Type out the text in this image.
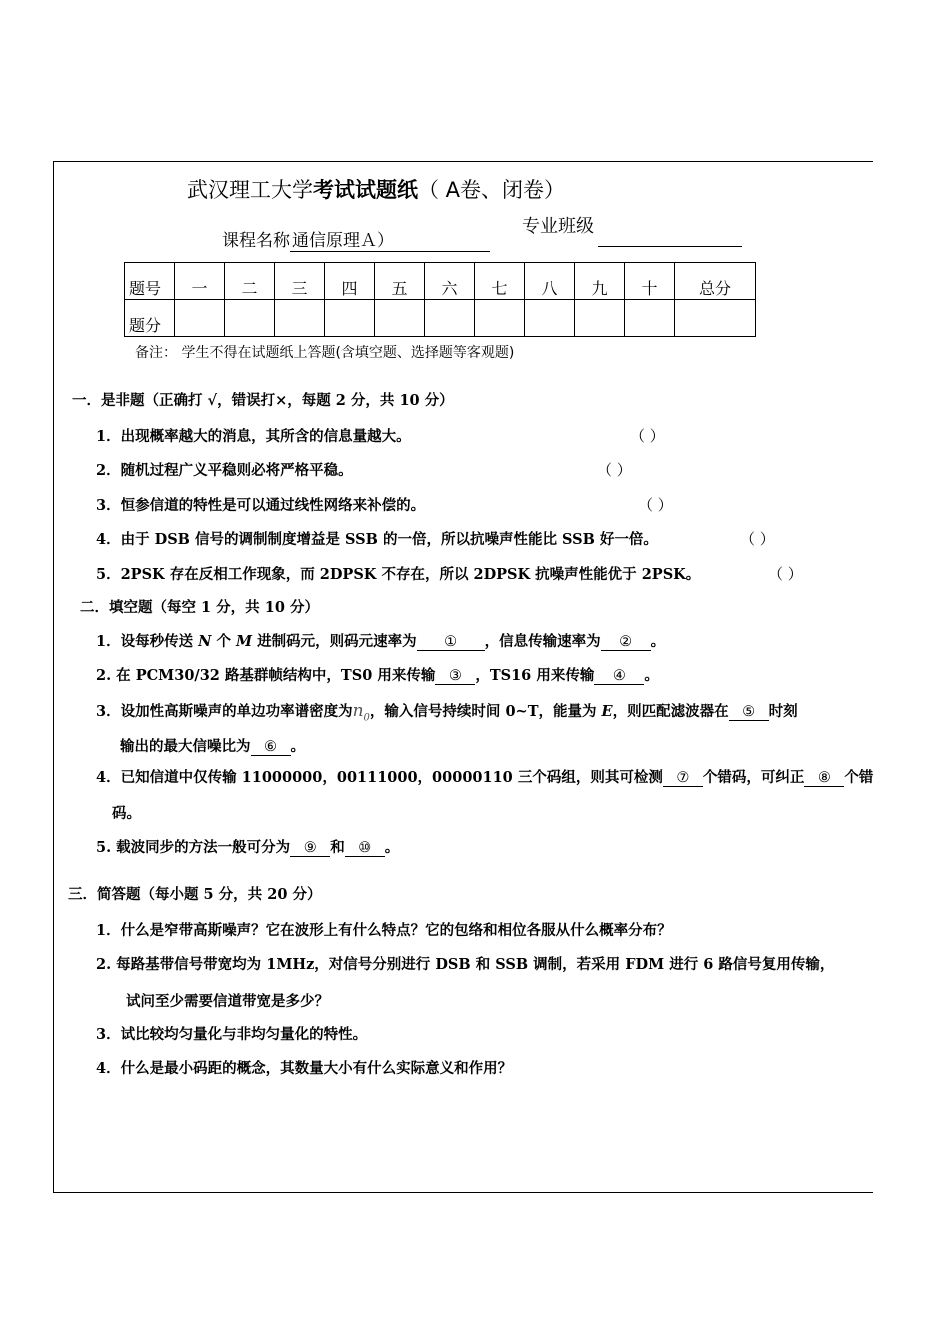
武汉理工大学考试试题纸（ A卷、闭卷）
课程名称 通信原理Ａ）
专业班级
题号	一	二	三	四	五	六	七	八	九	十	总分
题分											
备注： 学生不得在试题纸上答题(含填空题、选择题等客观题)
一．是非题（正确打 √，错误打×，每题 2 分，共 10 分）
1．出现概率越大的消息，其所含的信息量越大。	（ ）
2．随机过程广义平稳则必将严格平稳。	（ ）
3．恒参信道的特性是可以通过线性网络来补偿的。	（ ）
4．由于 DSB 信号的调制制度增益是 SSB 的一倍，所以抗噪声性能比 SSB 好一倍。	（ ）
5．2PSK 存在反相工作现象，而 2DPSK 不存在，所以 2DPSK 抗噪声性能优于 2PSK。	（ ）
二．填空题（每空 1 分，共 10 分）
1．设每秒传送 N 个 M 进制码元，则码元速率为 ① ，信息传输速率为 ② 。
2. 在 PCM30/32 路基群帧结构中，TS0 用来传输 ③ ，TS16 用来传输 ④ 。
3．设加性高斯噪声的单边功率谱密度为$n_0$，输入信号持续时间 0~T，能量为 E，则匹配滤波器在 ⑤ 时刻
输出的最大信噪比为 ⑥ 。
4．已知信道中仅传输 11000000，00111000，00000110 三个码组，则其可检测 ⑦ 个错码，可纠正 ⑧ 个错
码。
5. 载波同步的方法一般可分为 ⑨ 和 ⑩ 。
三．简答题（每小题 5 分，共 20 分）
1．什么是窄带高斯噪声？它在波形上有什么特点？它的包络和相位各服从什么概率分布？
2. 每路基带信号带宽均为 1MHz，对信号分别进行 DSB 和 SSB 调制，若采用 FDM 进行 6 路信号复用传输，
试问至少需要信道带宽是多少？
3．试比较均匀量化与非均匀量化的特性。
4．什么是最小码距的概念，其数量大小有什么实际意义和作用？
